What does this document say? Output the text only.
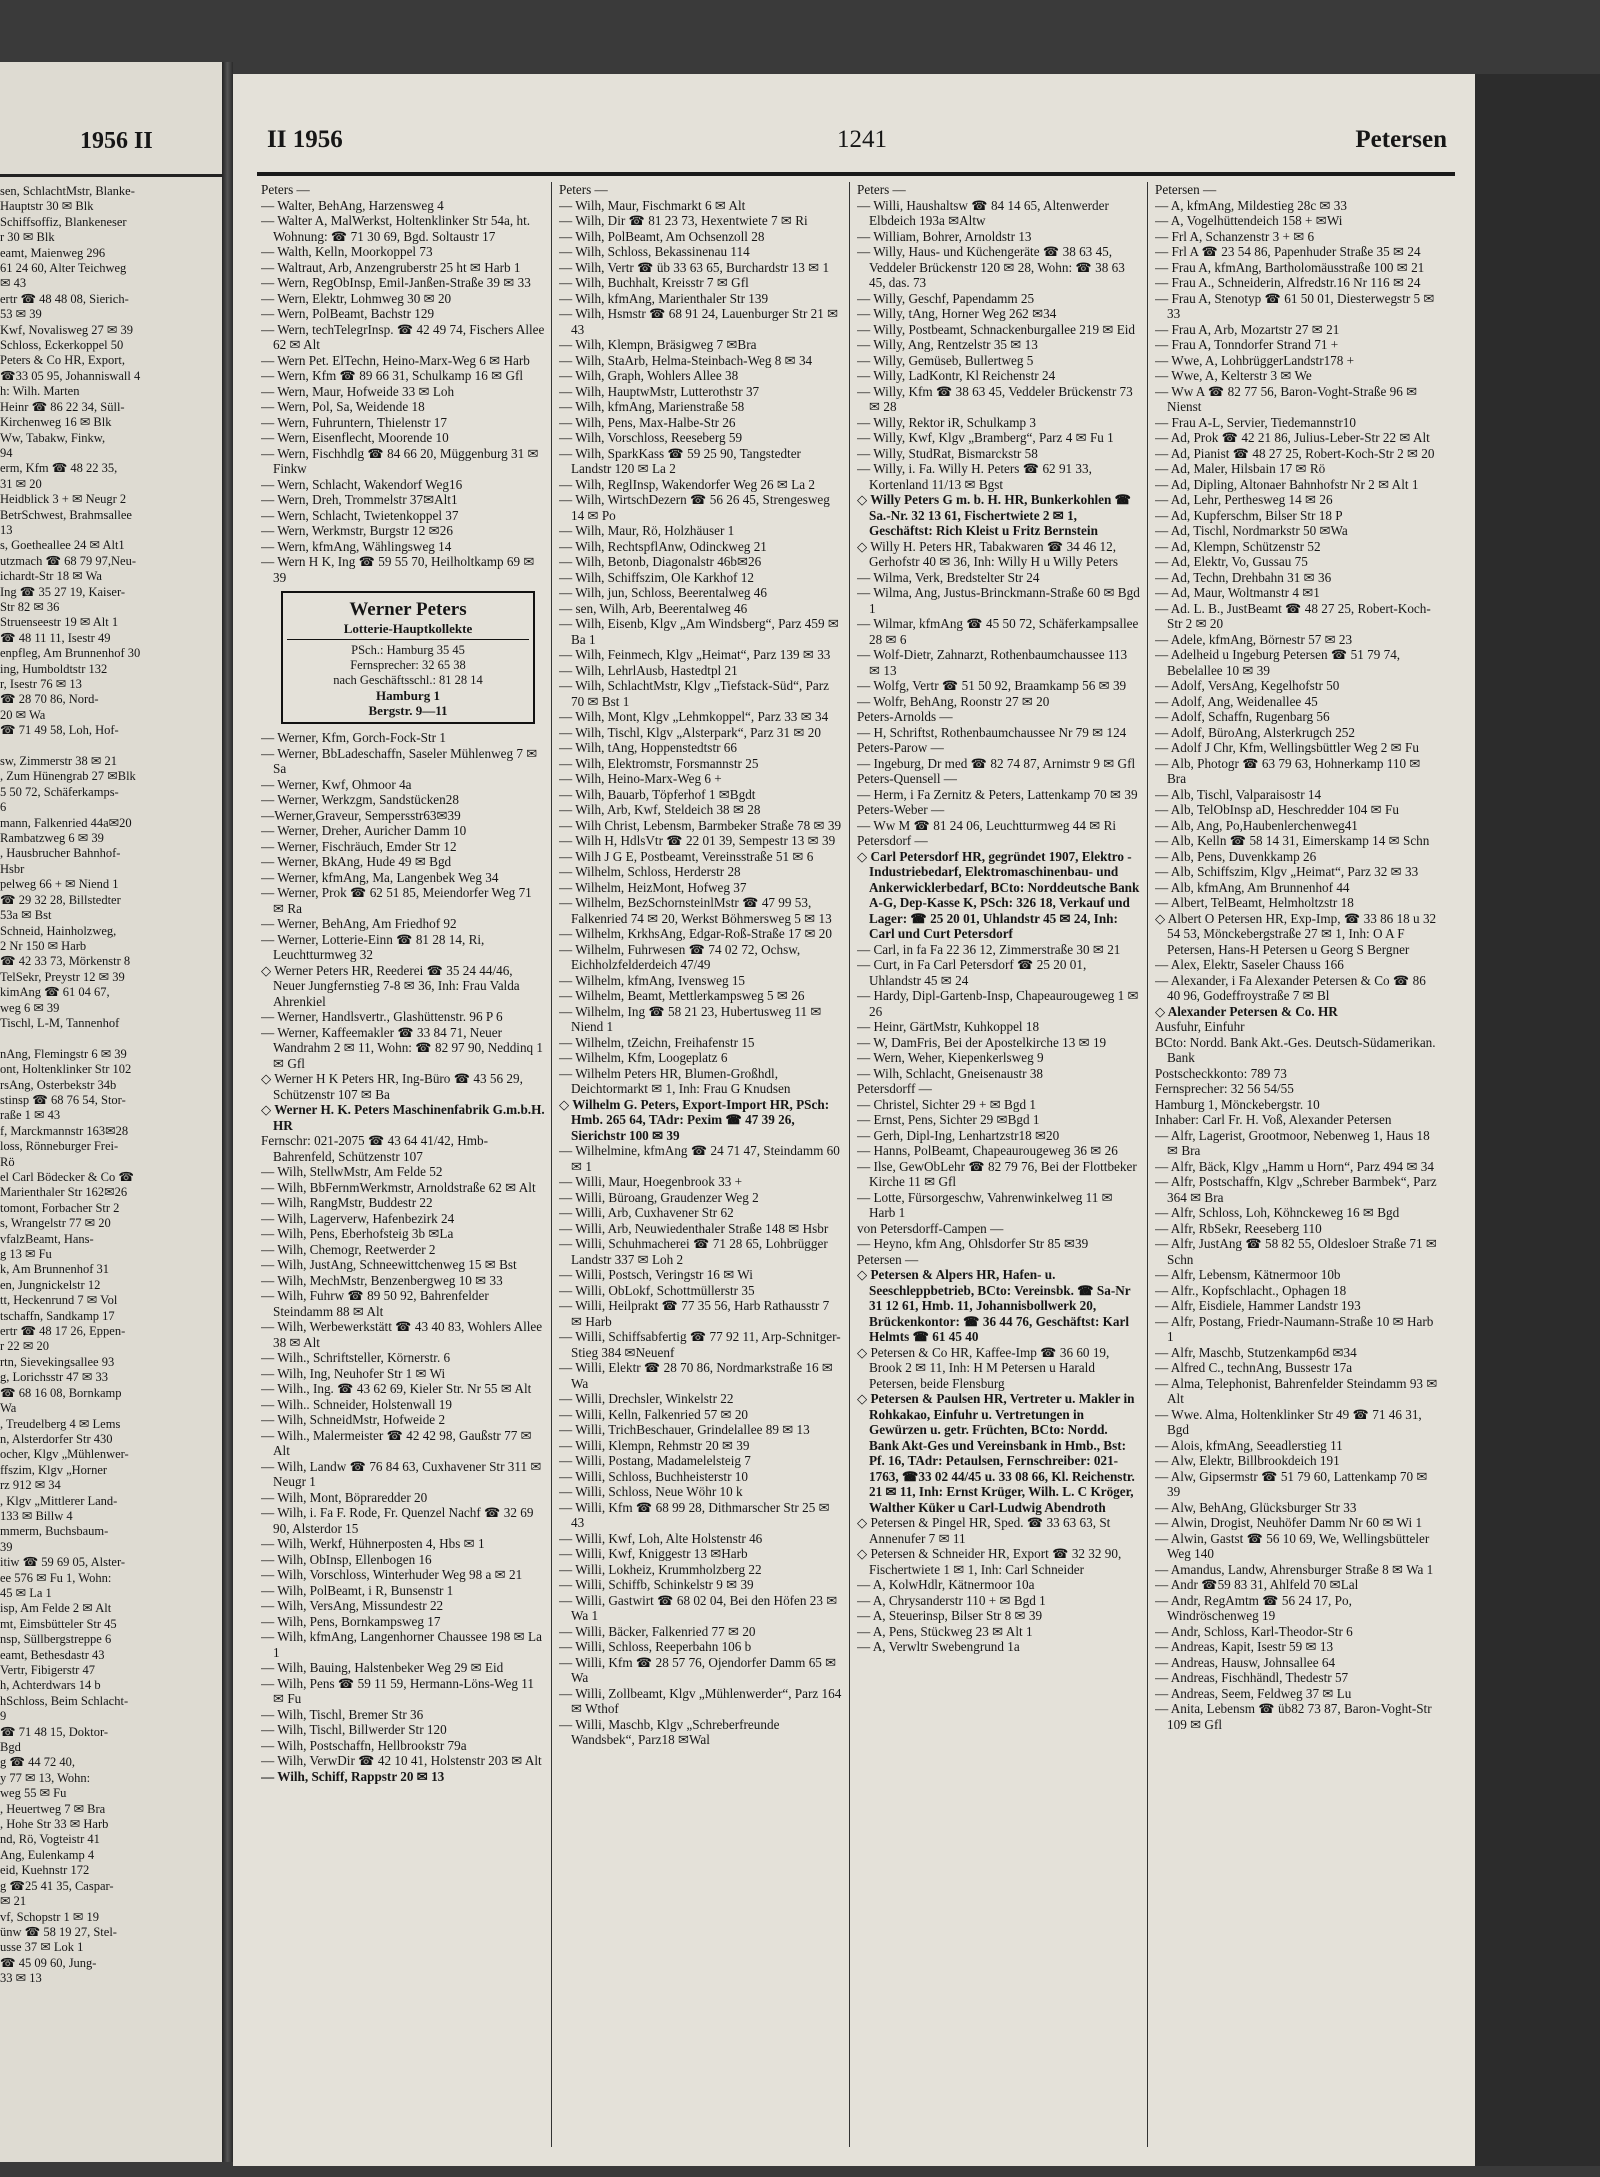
1956 II
sen, SchlachtMstr, Blanke-
Hauptstr 30 ✉ Blk
Schiffsoffiz, Blankeneser
r 30 ✉ Blk
eamt, Maienweg 296
61 24 60, Alter Teichweg
✉ 43
ertr ☎ 48 48 08, Sierich-
53 ✉ 39
Kwf, Novalisweg 27 ✉ 39
Schloss, Eckerkoppel 50
Peters & Co HR, Export,
☎33 05 95, Johanniswall 4
h: Wilh. Marten
Heinr ☎ 86 22 34, Süll-
Kirchenweg 16 ✉ Blk
Ww, Tabakw, Finkw,
94
erm, Kfm ☎ 48 22 35,
31 ✉ 20
Heidblick 3 + ✉ Neugr 2
BetrSchwest, Brahmsallee
13
s, Goetheallee 24 ✉ Alt1
utzmach ☎ 68 79 97,Neu-
ichardt-Str 18 ✉ Wa
Ing ☎ 35 27 19, Kaiser-
Str 82 ✉ 36
Struenseestr 19 ✉ Alt 1
☎ 48 11 11, Isestr 49
enpfleg, Am Brunnenhof 30
ing, Humboldtstr 132
r, Isestr 76 ✉ 13
☎ 28 70 86, Nord-
20 ✉ Wa
☎ 71 49 58, Loh, Hof-

sw, Zimmerstr 38 ✉ 21
, Zum Hünengrab 27 ✉Blk
5 50 72, Schäferkamps-
6
mann, Falkenried 44a✉20
Rambatzweg 6 ✉ 39
, Hausbrucher Bahnhof-
Hsbr
pelweg 66 + ✉ Niend 1
☎ 29 32 28, Billstedter
53a ✉ Bst
Schneid, Hainholzweg,
2 Nr 150 ✉ Harb
☎ 42 33 73, Mörkenstr 8
TelSekr, Preystr 12 ✉ 39
kimAng ☎ 61 04 67,
weg 6 ✉ 39
Tischl, L-M, Tannenhof

nAng, Flemingstr 6 ✉ 39
ont, Holtenklinker Str 102
rsAng, Osterbekstr 34b
stinsp ☎ 68 76 54, Stor-
raße 1 ✉ 43
f, Marckmannstr 163✉28
loss, Rönneburger Frei-
Rö
el Carl Bödecker & Co ☎
Marienthaler Str 162✉26
tomont, Forbacher Str 2
s, Wrangelstr 77 ✉ 20
vfalzBeamt, Hans-
g 13 ✉ Fu
k, Am Brunnenhof 31
en, Jungnickelstr 12
tt, Heckenrund 7 ✉ Vol
tschaffn, Sandkamp 17
ertr ☎ 48 17 26, Eppen-
r 22 ✉ 20
rtn, Sievekingsallee 93
g, Lorichsstr 47 ✉ 33
☎ 68 16 08, Bornkamp
Wa
, Treudelberg 4 ✉ Lems
n, Alsterdorfer Str 430
ocher, Klgv „Mühlenwer-
ffszim, Klgv „Horner
rz 912 ✉ 34
, Klgv „Mittlerer Land-
133 ✉ Billw 4
mmerm, Buchsbaum-
39
itiw ☎ 59 69 05, Alster-
ee 576 ✉ Fu 1, Wohn:
45 ✉ La 1
isp, Am Felde 2 ✉ Alt
mt, Eimsbütteler Str 45
nsp, Süllbergstreppe 6
eamt, Bethesdastr 43
Vertr, Fibigerstr 47
h, Achterdwars 14 b
hSchloss, Beim Schlacht-
9
☎ 71 48 15, Doktor-
Bgd
g ☎ 44 72 40,
y 77 ✉ 13, Wohn:
weg 55 ✉ Fu
, Heuertweg 7 ✉ Bra
, Hohe Str 33 ✉ Harb
nd, Rö, Vogteistr 41
Ang, Eulenkamp 4
eid, Kuehnstr 172
g ☎25 41 35, Caspar-
✉ 21
vf, Schopstr 1 ✉ 19
ünw ☎ 58 19 27, Stel-
usse 37 ✉ Lok 1
☎ 45 09 60, Jung-
33 ✉ 13
II 1956	1241	Petersen

Peters —

— Walter, BehAng, Harzensweg 4

— Walter A, MalWerkst, Holtenklinker Str 54a, ht. Wohnung: ☎ 71 30 69, Bgd. Soltaustr 17

— Walth, Kelln, Moorkoppel 73

— Waltraut, Arb, Anzengruberstr 25 ht ✉ Harb 1

— Wern, RegObInsp, Emil-Janßen-Straße 39 ✉ 33

— Wern, Elektr, Lohmweg 30 ✉ 20

— Wern, PolBeamt, Bachstr 129

— Wern, techTelegrInsp. ☎ 42 49 74, Fischers Allee 62 ✉ Alt

— Wern Pet. ElTechn, Heino-Marx-Weg 6 ✉ Harb

— Wern, Kfm ☎ 89 66 31, Schulkamp 16 ✉ Gfl

— Wern, Maur, Hofweide 33 ✉ Loh

— Wern, Pol, Sa, Weidende 18

— Wern, Fuhruntern, Thielenstr 17

— Wern, Eisenflecht, Moorende 10

— Wern, Fischhdlg ☎ 84 66 20, Müggenburg 31 ✉ Finkw

— Wern, Schlacht, Wakendorf Weg16

— Wern, Dreh, Trommelstr 37✉Alt1

— Wern, Schlacht, Twietenkoppel 37

— Wern, Werkmstr, Burgstr 12 ✉26

— Wern, kfmAng, Wählingsweg 14

— Wern H K, Ing ☎ 59 55 70, Heilholtkamp 69 ✉ 39

Werner Peters
Lotterie-Hauptkollekte
PSch.: Hamburg 35 45
Fernsprecher: 32 65 38
nach Geschäftsschl.: 81 28 14
Hamburg 1
Bergstr. 9—11

— Werner, Kfm, Gorch-Fock-Str 1

— Werner, BbLadeschaffn, Saseler Mühlenweg 7 ✉ Sa

— Werner, Kwf, Ohmoor 4a

— Werner, Werkzgm, Sandstücken28

—Werner,Graveur, Sempersstr63✉39

— Werner, Dreher, Auricher Damm 10

— Werner, Fischräuch, Emder Str 12

— Werner, BkAng, Hude 49 ✉ Bgd

— Werner, kfmAng, Ma, Langenbek Weg 34

— Werner, Prok ☎ 62 51 85, Meiendorfer Weg 71 ✉ Ra

— Werner, BehAng, Am Friedhof 92

— Werner, Lotterie-Einn ☎ 81 28 14, Ri, Leuchtturmweg 32

◇ Werner Peters HR, Reederei ☎ 35 24 44/46, Neuer Jungfernstieg 7-8 ✉ 36, Inh: Frau Valda Ahrenkiel

— Werner, Handlsvertr., Glashüttenstr. 96 P 6

— Werner, Kaffeemakler ☎ 33 84 71, Neuer Wandrahm 2 ✉ 11, Wohn: ☎ 82 97 90, Neddinq 1 ✉ Gfl

◇ Werner H K Peters HR, Ing-Büro ☎ 43 56 29, Schützenstr 107 ✉ Ba

◇ Werner H. K. Peters Maschinenfabrik G.m.b.H. HR

Fernschr: 021-2075 ☎ 43 64 41/42, Hmb-Bahrenfeld, Schützenstr 107

— Wilh, StellwMstr, Am Felde 52

— Wilh, BbFernmWerkmstr, Arnoldstraße 62 ✉ Alt

— Wilh, RangMstr, Buddestr 22

— Wilh, Lagerverw, Hafenbezirk 24

— Wilh, Pens, Eberhofsteig 3b ✉La

— Wilh, Chemogr, Reetwerder 2

— Wilh, JustAng, Schneewittchenweg 15 ✉ Bst

— Wilh, MechMstr, Benzenbergweg 10 ✉ 33

— Wilh, Fuhrw ☎ 89 50 92, Bahrenfelder Steindamm 88 ✉ Alt

— Wilh, Werbewerkstätt ☎ 43 40 83, Wohlers Allee 38 ✉ Alt

— Wilh., Schriftsteller, Körnerstr. 6

— Wilh, Ing, Neuhofer Str 1 ✉ Wi

— Wilh., Ing. ☎ 43 62 69, Kieler Str. Nr 55 ✉ Alt

— Wilh.. Schneider, Holstenwall 19

— Wilh, SchneidMstr, Hofweide 2

— Wilh., Malermeister ☎ 42 42 98, Gaußstr 77 ✉ Alt

— Wilh, Landw ☎ 76 84 63, Cuxhavener Str 311 ✉ Neugr 1

— Wilh, Mont, Böpraredder 20

— Wilh, i. Fa F. Rode, Fr. Quenzel Nachf ☎ 32 69 90, Alsterdor 15

— Wilh, Werkf, Hühnerposten 4, Hbs ✉ 1

— Wilh, ObInsp, Ellenbogen 16

— Wilh, Vorschloss, Winterhuder Weg 98 a ✉ 21

— Wilh, PolBeamt, i R, Bunsenstr 1

— Wilh, VersAng, Missundestr 22

— Wilh, Pens, Bornkampsweg 17

— Wilh, kfmAng, Langenhorner Chaussee 198 ✉ La 1

— Wilh, Bauing, Halstenbeker Weg 29 ✉ Eid

— Wilh, Pens ☎ 59 11 59, Hermann-Löns-Weg 11 ✉ Fu

— Wilh, Tischl, Bremer Str 36

— Wilh, Tischl, Billwerder Str 120

— Wilh, Postschaffn, Hellbrookstr 79a

— Wilh, VerwDir ☎ 42 10 41, Holstenstr 203 ✉ Alt

— Wilh, Schiff, Rappstr 20 ✉ 13

Peters —

— Wilh, Maur, Fischmarkt 6 ✉ Alt

— Wilh, Dir ☎ 81 23 73, Hexentwiete 7 ✉ Ri

— Wilh, PolBeamt, Am Ochsenzoll 28

— Wilh, Schloss, Bekassinenau 114

— Wilh, Vertr ☎ üb 33 63 65, Burchardstr 13 ✉ 1

— Wilh, Buchhalt, Kreisstr 7 ✉ Gfl

— Wilh, kfmAng, Marienthaler Str 139

— Wilh, Hsmstr ☎ 68 91 24, Lauenburger Str 21 ✉ 43

— Wilh, Klempn, Bräsigweg 7 ✉Bra

— Wilh, StaArb, Helma-Steinbach-Weg 8 ✉ 34

— Wilh, Graph, Wohlers Allee 38

— Wilh, HauptwMstr, Lutterothstr 37

— Wilh, kfmAng, Marienstraße 58

— Wilh, Pens, Max-Halbe-Str 26

— Wilh, Vorschloss, Reeseberg 59

— Wilh, SparkKass ☎ 59 25 90, Tangstedter Landstr 120 ✉ La 2

— Wilh, ReglInsp, Wakendorfer Weg 26 ✉ La 2

— Wilh, WirtschDezern ☎ 56 26 45, Strengesweg 14 ✉ Po

— Wilh, Maur, Rö, Holzhäuser 1

— Wilh, RechtspflAnw, Odinckweg 21

— Wilh, Betonb, Diagonalstr 46b✉26

— Wilh, Schiffszim, Ole Karkhof 12

— Wilh, jun, Schloss, Beerentalweg 46

— sen, Wilh, Arb, Beerentalweg 46

— Wilh, Eisenb, Klgv „Am Windsberg“, Parz 459 ✉ Ba 1

— Wilh, Feinmech, Klgv „Heimat“, Parz 139 ✉ 33

— Wilh, LehrlAusb, Hastedtpl 21

— Wilh, SchlachtMstr, Klgv „Tiefstack-Süd“, Parz 70 ✉ Bst 1

— Wilh, Mont, Klgv „Lehmkoppel“, Parz 33 ✉ 34

— Wilh, Tischl, Klgv „Alsterpark“, Parz 31 ✉ 20

— Wilh, tAng, Hoppenstedtstr 66

— Wilh, Elektromstr, Forsmannstr 25

— Wilh, Heino-Marx-Weg 6 +

— Wilh, Bauarb, Töpferhof 1 ✉Bgdt

— Wilh, Arb, Kwf, Steldeich 38 ✉ 28

— Wilh Christ, Lebensm, Barmbeker Straße 78 ✉ 39

— Wilh H, HdlsVtr ☎ 22 01 39, Sempestr 13 ✉ 39

— Wilh J G E, Postbeamt, Vereinsstraße 51 ✉ 6

— Wilhelm, Schloss, Herderstr 28

— Wilhelm, HeizMont, Hofweg 37

— Wilhelm, BezSchornsteinlMstr ☎ 47 99 53, Falkenried 74 ✉ 20, Werkst Böhmersweg 5 ✉ 13

— Wilhelm, KrkhsAng, Edgar-Roß-Straße 17 ✉ 20

— Wilhelm, Fuhrwesen ☎ 74 02 72, Ochsw, Eichholzfelderdeich 47/49

— Wilhelm, kfmAng, Ivensweg 15

— Wilhelm, Beamt, Mettlerkampsweg 5 ✉ 26

— Wilhelm, Ing ☎ 58 21 23, Hubertusweg 11 ✉ Niend 1

— Wilhelm, tZeichn, Freihafenstr 15

— Wilhelm, Kfm, Loogeplatz 6

— Wilhelm Peters HR, Blumen-Großhdl, Deichtormarkt ✉ 1, Inh: Frau G Knudsen

◇ Wilhelm G. Peters, Export-Import HR, PSch: Hmb. 265 64, TAdr: Pexim ☎ 47 39 26, Sierichstr 100 ✉ 39

— Wilhelmine, kfmAng ☎ 24 71 47, Steindamm 60 ✉ 1

— Willi, Maur, Hoegenbrook 33 +

— Willi, Büroang, Graudenzer Weg 2

— Willi, Arb, Cuxhavener Str 62

— Willi, Arb, Neuwiedenthaler Straße 148 ✉ Hsbr

— Willi, Schuhmacherei ☎ 71 28 65, Lohbrügger Landstr 337 ✉ Loh 2

— Willi, Postsch, Veringstr 16 ✉ Wi

— Willi, ObLokf, Schottmüllerstr 35

— Willi, Heilprakt ☎ 77 35 56, Harb Rathausstr 7 ✉ Harb

— Willi, Schiffsabfertig ☎ 77 92 11, Arp-Schnitger-Stieg 384 ✉Neuenf

— Willi, Elektr ☎ 28 70 86, Nordmarkstraße 16 ✉ Wa

— Willi, Drechsler, Winkelstr 22

— Willi, Kelln, Falkenried 57 ✉ 20

— Willi, TrichBeschauer, Grindelallee 89 ✉ 13

— Willi, Klempn, Rehmstr 20 ✉ 39

— Willi, Postang, Madamelelsteig 7

— Willi, Schloss, Buchheisterstr 10

— Willi, Schloss, Neue Wöhr 10 k

— Willi, Kfm ☎ 68 99 28, Dithmarscher Str 25 ✉ 43

— Willi, Kwf, Loh, Alte Holstenstr 46

— Willi, Kwf, Kniggestr 13 ✉Harb

— Willi, Lokheiz, Krummholzberg 22

— Willi, Schiffb, Schinkelstr 9 ✉ 39

— Willi, Gastwirt ☎ 68 02 04, Bei den Höfen 23 ✉ Wa 1

— Willi, Bäcker, Falkenried 77 ✉ 20

— Willi, Schloss, Reeperbahn 106 b

— Willi, Kfm ☎ 28 57 76, Ojendorfer Damm 65 ✉ Wa

— Willi, Zollbeamt, Klgv „Mühlenwerder“, Parz 164 ✉ Wthof

— Willi, Maschb, Klgv „Schreberfreunde Wandsbek“, Parz18 ✉Wal

Peters —

— Willi, Haushaltsw ☎ 84 14 65, Altenwerder Elbdeich 193a ✉Altw

— William, Bohrer, Arnoldstr 13

— Willy, Haus- und Küchengeräte ☎ 38 63 45, Veddeler Brückenstr 120 ✉ 28, Wohn: ☎ 38 63 45, das. 73

— Willy, Geschf, Papendamm 25

— Willy, tAng, Horner Weg 262 ✉34

— Willy, Postbeamt, Schnackenburgallee 219 ✉ Eid

— Willy, Ang, Rentzelstr 35 ✉ 13

— Willy, Gemüseb, Bullertweg 5

— Willy, LadKontr, Kl Reichenstr 24

— Willy, Kfm ☎ 38 63 45, Veddeler Brückenstr 73 ✉ 28

— Willy, Rektor iR, Schulkamp 3

— Willy, Kwf, Klgv „Bramberg“, Parz 4 ✉ Fu 1

— Willy, StudRat, Bismarckstr 58

— Willy, i. Fa. Willy H. Peters ☎ 62 91 33, Kortenland 11/13 ✉ Bgst

◇ Willy Peters G m. b. H. HR, Bunkerkohlen ☎ Sa.-Nr. 32 13 61, Fischertwiete 2 ✉ 1, Geschäftst: Rich Kleist u Fritz Bernstein

◇ Willy H. Peters HR, Tabakwaren ☎ 34 46 12, Gerhofstr 40 ✉ 36, Inh: Willy H u Willy Peters

— Wilma, Verk, Bredstelter Str 24

— Wilma, Ang, Justus-Brinckmann-Straße 60 ✉ Bgd 1

— Wilmar, kfmAng ☎ 45 50 72, Schäferkampsallee 28 ✉ 6

— Wolf-Dietr, Zahnarzt, Rothenbaumchaussee 113 ✉ 13

— Wolfg, Vertr ☎ 51 50 92, Braamkamp 56 ✉ 39

— Wolfr, BehAng, Roonstr 27 ✉ 20

Peters-Arnolds —

— H, Schriftst, Rothenbaumchaussee Nr 79 ✉ 124

Peters-Parow —

— Ingeburg, Dr med ☎ 82 74 87, Arnimstr 9 ✉ Gfl

Peters-Quensell —

— Herm, i Fa Zernitz & Peters, Lattenkamp 70 ✉ 39

Peters-Weber —

— Ww M ☎ 81 24 06, Leuchtturmweg 44 ✉ Ri

Petersdorf —

◇ Carl Petersdorf HR, gegründet 1907, Elektro - Industriebedarf, Elektromaschinenbau- und Ankerwicklerbedarf, BCto: Norddeutsche Bank A-G, Dep-Kasse K, PSch: 326 18, Verkauf und Lager: ☎ 25 20 01, Uhlandstr 45 ✉ 24, Inh: Carl und Curt Petersdorf

— Carl, in fa Fa 22 36 12, Zimmerstraße 30 ✉ 21

— Curt, in Fa Carl Petersdorf ☎ 25 20 01, Uhlandstr 45 ✉ 24

— Hardy, Dipl-Gartenb-Insp, Chapeaurougeweg 1 ✉ 26

— Heinr, GärtMstr, Kuhkoppel 18

— W, DamFris, Bei der Apostelkirche 13 ✉ 19

— Wern, Weher, Kiepenkerlsweg 9

— Wilh, Schlacht, Gneisenaustr 38

Petersdorff —

— Christel, Sichter 29 + ✉ Bgd 1

— Ernst, Pens, Sichter 29 ✉Bgd 1

— Gerh, Dipl-Ing, Lenhartzstr18 ✉20

— Hanns, PolBeamt, Chapeaurougeweg 36 ✉ 26

— Ilse, GewObLehr ☎ 82 79 76, Bei der Flottbeker Kirche 11 ✉ Gfl

— Lotte, Fürsorgeschw, Vahrenwinkelweg 11 ✉ Harb 1

von Petersdorff-Campen —

— Heyno, kfm Ang, Ohlsdorfer Str 85 ✉39

Petersen —

◇ Petersen & Alpers HR, Hafen- u. Seeschleppbetrieb, BCto: Vereinsbk. ☎ Sa-Nr 31 12 61, Hmb. 11, Johannisbollwerk 20, Brückenkontor: ☎ 36 44 76, Geschäftst: Karl Helmts ☎ 61 45 40

◇ Petersen & Co HR, Kaffee-Imp ☎ 36 60 19, Brook 2 ✉ 11, Inh: H M Petersen u Harald Petersen, beide Flensburg

◇ Petersen & Paulsen HR, Vertreter u. Makler in Rohkakao, Einfuhr u. Vertretungen in Gewürzen u. getr. Früchten, BCto: Nordd. Bank Akt-Ges und Vereinsbank in Hmb., Bst: Pf. 16, TAdr: Petaulsen, Fernschreiber: 021-1763, ☎33 02 44/45 u. 33 08 66, Kl. Reichenstr. 21 ✉ 11, Inh: Ernst Krüger, Wilh. L. C Kröger, Walther Küker u Carl-Ludwig Abendroth

◇ Petersen & Pingel HR, Sped. ☎ 33 63 63, St Annenufer 7 ✉ 11

◇ Petersen & Schneider HR, Export ☎ 32 32 90, Fischertwiete 1 ✉ 1, Inh: Carl Schneider

— A, KolwHdlr, Kätnermoor 10a

— A, Chrysanderstr 110 + ✉ Bgd 1

— A, Steuerinsp, Bilser Str 8 ✉ 39

— A, Pens, Stückweg 23 ✉ Alt 1

— A, Verwltr Swebengrund 1a

Petersen —

— A, kfmAng, Mildestieg 28c ✉ 33

— A, Vogelhüttendeich 158 + ✉Wi

— Frl A, Schanzenstr 3 + ✉ 6

— Frl A ☎ 23 54 86, Papenhuder Straße 35 ✉ 24

— Frau A, kfmAng, Bartholomäusstraße 100 ✉ 21

— Frau A., Schneiderin, Alfredstr.16 Nr 116 ✉ 24

— Frau A, Stenotyp ☎ 61 50 01, Diesterwegstr 5 ✉ 33

— Frau A, Arb, Mozartstr 27 ✉ 21

— Frau A, Tonndorfer Strand 71 +

— Wwe, A, LohbrüggerLandstr178 +

— Wwe, A, Kelterstr 3 ✉ We

— Ww A ☎ 82 77 56, Baron-Voght-Straße 96 ✉ Nienst

— Frau A-L, Servier, Tiedemannstr10

— Ad, Prok ☎ 42 21 86, Julius-Leber-Str 22 ✉ Alt

— Ad, Pianist ☎ 48 27 25, Robert-Koch-Str 2 ✉ 20

— Ad, Maler, Hilsbain 17 ✉ Rö

— Ad, Dipling, Altonaer Bahnhofstr Nr 2 ✉ Alt 1

— Ad, Lehr, Perthesweg 14 ✉ 26

— Ad, Kupferschm, Bilser Str 18 P

— Ad, Tischl, Nordmarkstr 50 ✉Wa

— Ad, Klempn, Schützenstr 52

— Ad, Elektr, Vo, Gussau 75

— Ad, Techn, Drehbahn 31 ✉ 36

— Ad, Maur, Woltmanstr 4 ✉1

— Ad. L. B., JustBeamt ☎ 48 27 25, Robert-Koch-Str 2 ✉ 20

— Adele, kfmAng, Börnestr 57 ✉ 23

— Adelheid u Ingeburg Petersen ☎ 51 79 74, Bebelallee 10 ✉ 39

— Adolf, VersAng, Kegelhofstr 50

— Adolf, Ang, Weidenallee 45

— Adolf, Schaffn, Rugenbarg 56

— Adolf, BüroAng, Alsterkrugch 252

— Adolf J Chr, Kfm, Wellingsbüttler Weg 2 ✉ Fu

— Alb, Photogr ☎ 63 79 63, Hohnerkamp 110 ✉ Bra

— Alb, Tischl, Valparaisostr 14

— Alb, TelObInsp aD, Heschredder 104 ✉ Fu

— Alb, Ang, Po,Haubenlerchenweg41

— Alb, Kelln ☎ 58 14 31, Eimerskamp 14 ✉ Schn

— Alb, Pens, Duvenkkamp 26

— Alb, Schiffszim, Klgv „Heimat“, Parz 32 ✉ 33

— Alb, kfmAng, Am Brunnenhof 44

— Albert, TelBeamt, Helmholtzstr 18

◇ Albert O Petersen HR, Exp-Imp, ☎ 33 86 18 u 32 54 53, Mönckebergstraße 27 ✉ 1, Inh: O A F Petersen, Hans-H Petersen u Georg S Bergner

— Alex, Elektr, Saseler Chauss 166

— Alexander, i Fa Alexander Petersen & Co ☎ 86 40 96, Godeffroystraße 7 ✉ Bl

◇ Alexander Petersen & Co. HR

Ausfuhr, Einfuhr

BCto: Nordd. Bank Akt.-Ges. Deutsch-Südamerikan. Bank

Postscheckkonto: 789 73

Fernsprecher: 32 56 54/55

Hamburg 1, Mönckebergstr. 10

Inhaber: Carl Fr. H. Voß, Alexander Petersen

— Alfr, Lagerist, Grootmoor, Nebenweg 1, Haus 18 ✉ Bra

— Alfr, Bäck, Klgv „Hamm u Horn“, Parz 494 ✉ 34

— Alfr, Postschaffn, Klgv „Schreber Barmbek“, Parz 364 ✉ Bra

— Alfr, Schloss, Loh, Köhnckeweg 16 ✉ Bgd

— Alfr, RbSekr, Reeseberg 110

— Alfr, JustAng ☎ 58 82 55, Oldesloer Straße 71 ✉ Schn

— Alfr, Lebensm, Kätnermoor 10b

— Alfr., Kopfschlacht., Ophagen 18

— Alfr, Eisdiele, Hammer Landstr 193

— Alfr, Postang, Friedr-Naumann-Straße 10 ✉ Harb 1

— Alfr, Maschb, Stutzenkamp6d ✉34

— Alfred C., technAng, Bussestr 17a

— Alma, Telephonist, Bahrenfelder Steindamm 93 ✉ Alt

— Wwe. Alma, Holtenklinker Str 49 ☎ 71 46 31, Bgd

— Alois, kfmAng, Seeadlerstieg 11

— Alw, Elektr, Billbrookdeich 191

— Alw, Gipsermstr ☎ 51 79 60, Lattenkamp 70 ✉ 39

— Alw, BehAng, Glücksburger Str 33

— Alwin, Drogist, Neuhöfer Damm Nr 60 ✉ Wi 1

— Alwin, Gastst ☎ 56 10 69, We, Wellingsbütteler Weg 140

— Amandus, Landw, Ahrensburger Straße 8 ✉ Wa 1

— Andr ☎59 83 31, Ahlfeld 70 ✉Lal

— Andr, RegAmtm ☎ 56 24 17, Po, Windröschenweg 19

— Andr, Schloss, Karl-Theodor-Str 6

— Andreas, Kapit, Isestr 59 ✉ 13

— Andreas, Hausw, Johnsallee 64

— Andreas, Fischhändl, Thedestr 57

— Andreas, Seem, Feldweg 37 ✉ Lu

— Anita, Lebensm ☎ üb82 73 87, Baron-Voght-Str 109 ✉ Gfl
